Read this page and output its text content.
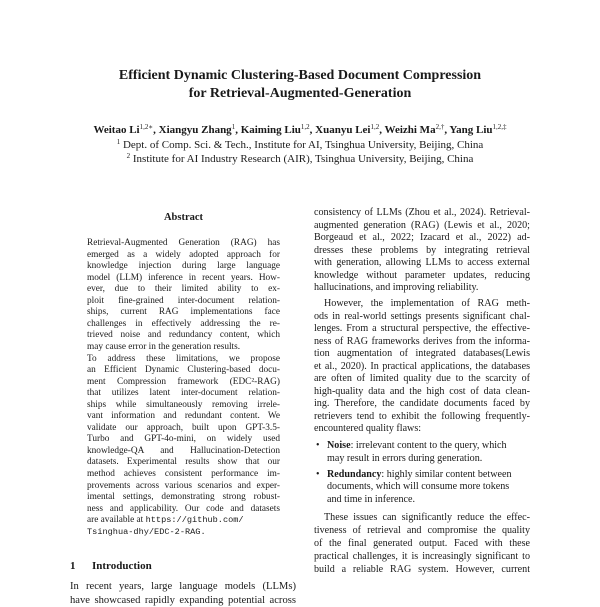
Efficient Dynamic Clustering-Based Document Compression
for Retrieval-Augmented-Generation
Weitao $Li^{1,2∗}$, Xiangyu Zhang$^1$, Kaiming Liu$^{1,2}$, Xuanyu Lei$^{1,2}$, Weizhi $Ma^{2,\dagger}$, Yang Liu$^{1,2,\ddagger}$
$^1$ Dept. of Comp. Sci. & Tech., Institute for AI, Tsinghua University, Beijing, China
$^2$ Institute for AI Industry Research (AIR), Tsinghua University, Beijing, China
Abstract
Retrieval-Augmented Generation (RAG) has
emerged as a widely adopted approach for
knowledge injection during large language
model (LLM) inference in recent years. How-
ever, due to their limited ability to ex-
ploit fine-grained inter-document relation-
ships, current RAG implementations face
challenges in effectively addressing the re-
trieved noise and redundancy content, which
may cause error in the generation results.
To address these limitations, we propose
an Efficient Dynamic Clustering-based docu-
ment Compression framework (EDC²-RAG)
that utilizes latent inter-document relation-
ships while simultaneously removing irrele-
vant information and redundant content. We
validate our approach, built upon GPT-3.5-
Turbo and GPT-4o-mini, on widely used
knowledge-QA and Hallucination-Detection
datasets. Experimental results show that our
method achieves consistent performance im-
provements across various scenarios and exper-
imental settings, demonstrating strong robust-
ness and applicability. Our code and datasets
are available at https://github.com/
Tsinghua-dhy/EDC-2-RAG.
1 Introduction
In recent years, large language models (LLMs)
have showcased rapidly expanding potential across
consistency of LLMs (Zhou et al., 2024). Retrieval-
augmented generation (RAG) (Lewis et al., 2020;
Borgeaud et al., 2022; Izacard et al., 2022) ad-
dresses these problems by integrating retrieval
with generation, allowing LLMs to access external
knowledge without parameter updates, reducing
hallucinations, and improving reliability.
However, the implementation of RAG meth-
ods in real-world settings presents significant chal-
lenges. From a structural perspective, the effective-
ness of RAG frameworks derives from the informa-
tion augmentation of integrated databases(Lewis
et al., 2020). In practical applications, the databases
are often of limited quality due to the scarcity of
high-quality data and the high cost of data clean-
ing. Therefore, the candidate documents faced by
retrievers tend to exhibit the following frequently-
encountered quality flaws:
• Noise: irrelevant content to the query, which
may result in errors during generation.
• Redundancy: highly similar content between
documents, which will consume more tokens
and time in inference.
These issues can significantly reduce the effec-
tiveness of retrieval and compromise the quality
of the final generated output. Faced with these
practical challenges, it is increasingly significant to
build a reliable RAG system. However, current
